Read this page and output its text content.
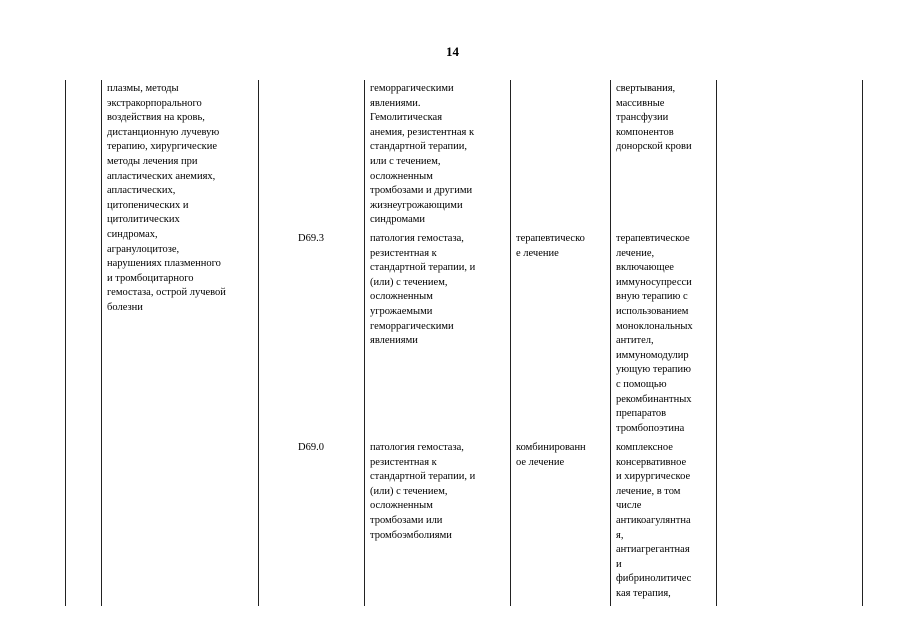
14
плазмы, методы
экстракорпорального
воздействия на кровь,
дистанционную лучевую
терапию, хирургические
методы лечения при
апластических анемиях,
апластических,
цитопенических и
цитолитических
синдромах,
агранулоцитозе,
нарушениях плазменного
и тромбоцитарного
гемостаза, острой лучевой
болезни
геморрагическими
явлениями.
Гемолитическая
анемия, резистентная к
стандартной терапии,
или с течением,
осложненным
тромбозами и другими
жизнеугрожающими
синдромами
свертывания,
массивные
трансфузии
компонентов
донорской крови
D69.3	патология гемостаза,
резистентная к
стандартной терапии, и
(или) с течением,
осложненным
угрожаемыми
геморрагическими
явлениями
терапевтическо
е лечение
терапевтическое
лечение,
включающее
иммуносупресси
вную терапию с
использованием
моноклональных
антител,
иммуномодулир
ующую терапию
с помощью
рекомбинантных
препаратов
тромбопоэтина
D69.0	патология гемостаза,
резистентная к
стандартной терапии, и
(или) с течением,
осложненным
тромбозами или
тромбоэмболиями
комбинированн
ое лечение
комплексное
консервативное
и хирургическое
лечение, в том
числе
антикоагулянтна
я,
антиагрегантная
и
фибринолитичес
кая терапия,
